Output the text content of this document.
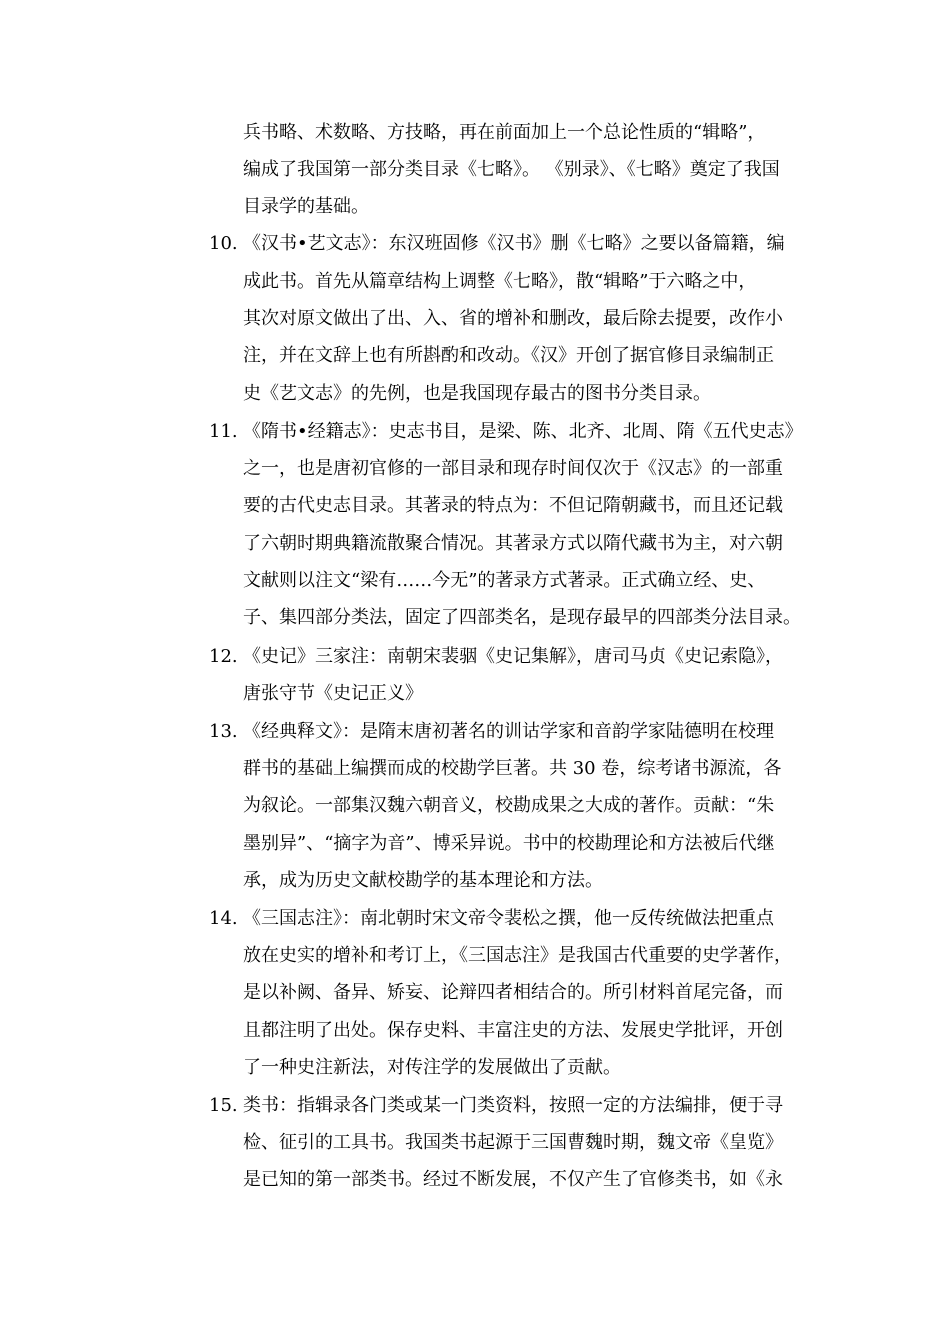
兵书略、术数略、方技略，再在前面加上一个总论性质的“辑略”，
编成了我国第一部分类目录《七略》。 《别录》、《七略》奠定了我国
目录学的基础。
10. 《汉书•艺文志》：东汉班固修《汉书》删《七略》之要以备篇籍，编
成此书。首先从篇章结构上调整《七略》，散“辑略”于六略之中，
其次对原文做出了出、入、省的增补和删改，最后除去提要，改作小
注，并在文辞上也有所斟酌和改动。《汉》开创了据官修目录编制正
史《艺文志》的先例，也是我国现存最古的图书分类目录。
11. 《隋书•经籍志》：史志书目，是梁、陈、北齐、北周、隋《五代史志》
之一，也是唐初官修的一部目录和现存时间仅次于《汉志》的一部重
要的古代史志目录。其著录的特点为：不但记隋朝藏书，而且还记载
了六朝时期典籍流散聚合情况。其著录方式以隋代藏书为主，对六朝
文献则以注文“梁有……今无”的著录方式著录。正式确立经、史、
子、集四部分类法，固定了四部类名，是现存最早的四部类分法目录。
12. 《史记》三家注：南朝宋裴骃《史记集解》，唐司马贞《史记索隐》，
唐张守节《史记正义》
13. 《经典释文》：是隋末唐初著名的训诂学家和音韵学家陆德明在校理
群书的基础上编撰而成的校勘学巨著。共 30 卷，综考诸书源流，各
为叙论。一部集汉魏六朝音义，校勘成果之大成的著作。贡献：“朱
墨别异”、“摘字为音”、博采异说。书中的校勘理论和方法被后代继
承，成为历史文献校勘学的基本理论和方法。
14. 《三国志注》：南北朝时宋文帝令裴松之撰，他一反传统做法把重点
放在史实的增补和考订上，《三国志注》是我国古代重要的史学著作，
是以补阙、备异、矫妄、论辩四者相结合的。所引材料首尾完备，而
且都注明了出处。保存史料、丰富注史的方法、发展史学批评，开创
了一种史注新法，对传注学的发展做出了贡献。
15. 类书：指辑录各门类或某一门类资料，按照一定的方法编排，便于寻
检、征引的工具书。我国类书起源于三国曹魏时期，魏文帝《皇览》
是已知的第一部类书。经过不断发展，不仅产生了官修类书，如《永
